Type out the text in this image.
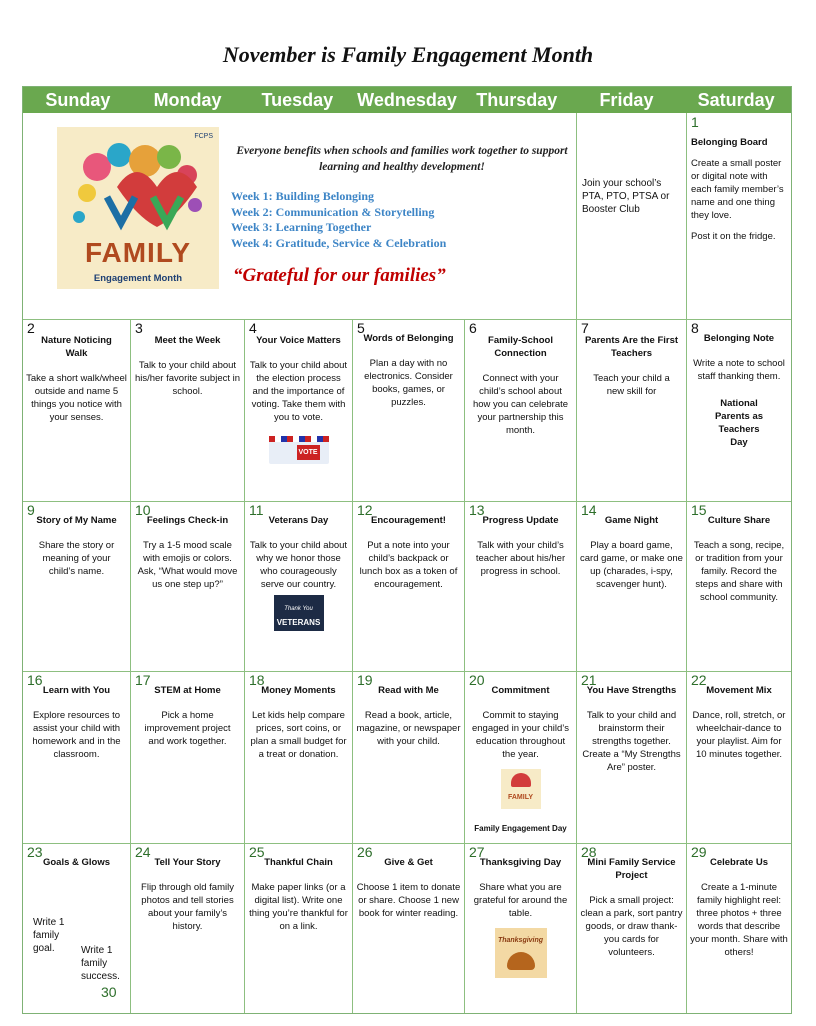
November is Family Engagement Month
Sunday	Monday	Tuesday	Wednesday	Thursday	Friday	Saturday
FCPS
FAMILY
Engagement Month
Everyone benefits when schools and families work together to support learning and healthy development!
Week 1: Building Belonging
Week 2: Communication & Storytelling
Week 3: Learning Together
Week 4: Gratitude, Service & Celebration
“Grateful for our families”
Join your school’s PTA, PTO, PTSA or Booster Club
1
Belonging Board
Create a small poster or digital note with each family member’s name and one thing they love.
Post it on the fridge.
2
Nature Noticing Walk
Take a short walk/wheel outside and name 5 things you notice with your senses.
3
Meet the Week
Talk to your child about his/her favorite subject in school.
4
Your Voice Matters
Talk to your child about the election process and the importance of voting. Take them with you to vote.
VOTE
5
Words of Belonging
Plan a day with no electronics. Consider books, games, or puzzles.
6
Family-School Connection
Connect with your child’s school about how you can celebrate your partnership this month.
7
Parents Are the First Teachers
Teach your child a new skill for
8
Belonging Note
Write a note to school staff thanking them.
National Parents as Teachers Day
9
Story of My Name
Share the story or meaning of your child’s name.
10
Feelings Check-in
Try a 1-5 mood scale with emojis or colors. Ask, “What would move us one step up?”
11
Veterans Day
Talk to your child about why we honor those who courageously serve our country.
Thank You
VETERANS
12
Encouragement!
Put a note into your child’s backpack or lunch box as a token of encouragement.
13
Progress Update
Talk with your child’s teacher about his/her progress in school.
14
Game Night
Play a board game, card game, or make one up (charades, i-spy, scavenger hunt).
15
Culture Share
Teach a song, recipe, or tradition from your family. Record the steps and share with school community.
16
Learn with You
Explore resources to assist your child with homework and in the classroom.
17
STEM at Home
Pick a home improvement project and work together.
18
Money Moments
Let kids help compare prices, sort coins, or plan a small budget for a treat or donation.
19
Read with Me
Read a book, article, magazine, or newspaper with your child.
20
Commitment
Commit to staying engaged in your child’s education throughout the year.
FAMILY
Family Engagement Day
21
You Have Strengths
Talk to your child and brainstorm their strengths together. Create a “My Strengths Are” poster.
22
Movement Mix
Dance, roll, stretch, or wheelchair-dance to your playlist. Aim for 10 minutes together.
23
Goals & Glows
Write 1 family goal.	Write 1 family success.
30
24
Tell Your Story
Flip through old family photos and tell stories about your family’s history.
25
Thankful Chain
Make paper links (or a digital list). Write one thing you’re thankful for on a link.
26
Give & Get
Choose 1 item to donate or share. Choose 1 new book for winter reading.
27
Thanksgiving Day
Share what you are grateful for around the table.
Thanksgiving
28
Mini Family Service Project
Pick a small project: clean a park, sort pantry goods, or draw thank-you cards for volunteers.
29
Celebrate Us
Create a 1-minute family highlight reel: three photos + three words that describe your month. Share with others!
